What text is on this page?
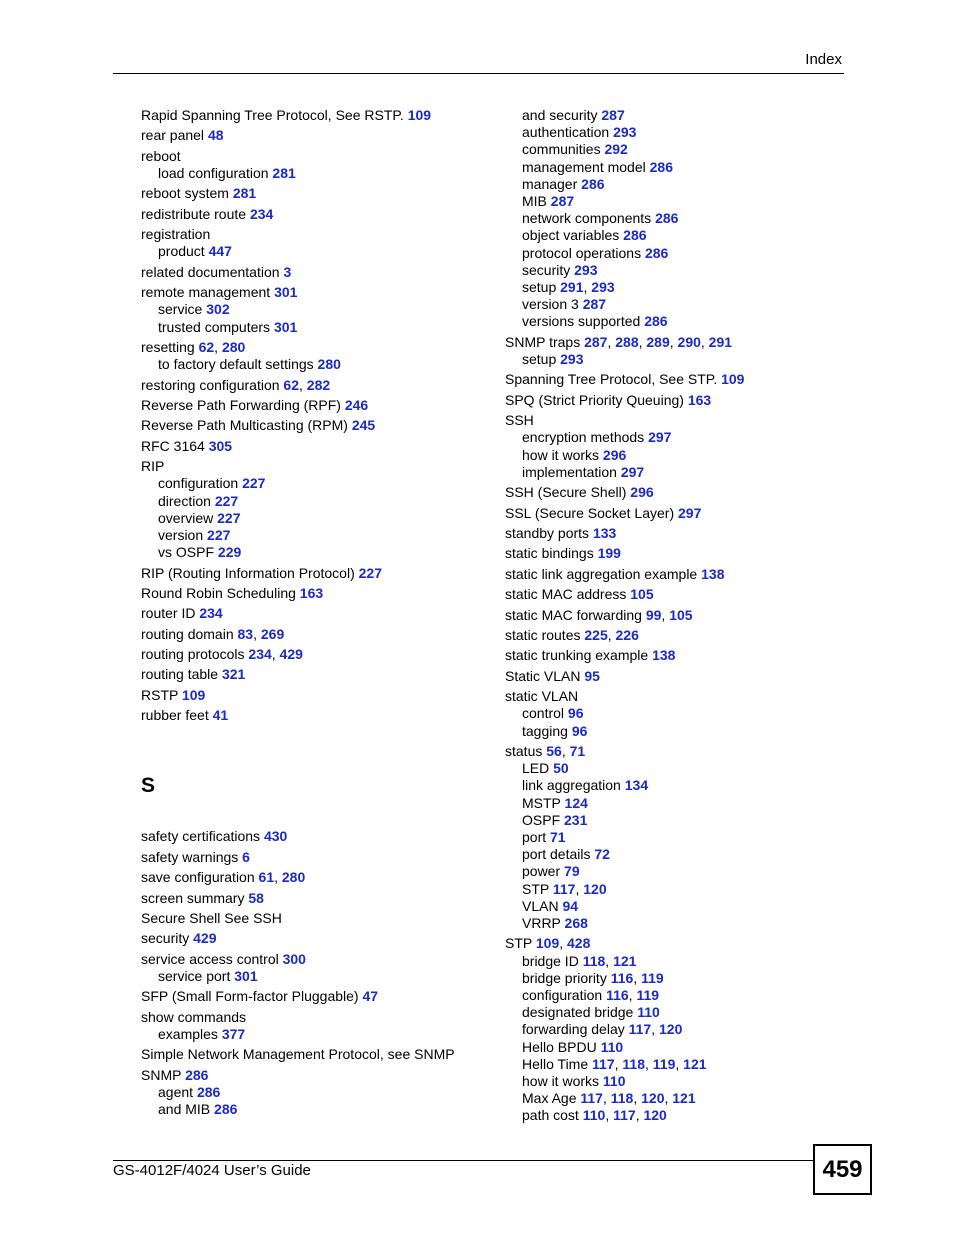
Index
Rapid Spanning Tree Protocol, See RSTP. 109
rear panel 48
reboot
load configuration 281
reboot system 281
redistribute route 234
registration
product 447
related documentation 3
remote management 301
service 302
trusted computers 301
resetting 62, 280
to factory default settings 280
restoring configuration 62, 282
Reverse Path Forwarding (RPF) 246
Reverse Path Multicasting (RPM) 245
RFC 3164 305
RIP
configuration 227
direction 227
overview 227
version 227
vs OSPF 229
RIP (Routing Information Protocol) 227
Round Robin Scheduling 163
router ID 234
routing domain 83, 269
routing protocols 234, 429
routing table 321
RSTP 109
rubber feet 41
S
safety certifications 430
safety warnings 6
save configuration 61, 280
screen summary 58
Secure Shell See SSH
security 429
service access control 300
service port 301
SFP (Small Form-factor Pluggable) 47
show commands
examples 377
Simple Network Management Protocol, see SNMP
SNMP 286
agent 286
and MIB 286
and security 287
authentication 293
communities 292
management model 286
manager 286
MIB 287
network components 286
object variables 286
protocol operations 286
security 293
setup 291, 293
version 3 287
versions supported 286
SNMP traps 287, 288, 289, 290, 291
setup 293
Spanning Tree Protocol, See STP. 109
SPQ (Strict Priority Queuing) 163
SSH
encryption methods 297
how it works 296
implementation 297
SSH (Secure Shell) 296
SSL (Secure Socket Layer) 297
standby ports 133
static bindings 199
static link aggregation example 138
static MAC address 105
static MAC forwarding 99, 105
static routes 225, 226
static trunking example 138
Static VLAN 95
static VLAN
control 96
tagging 96
status 56, 71
LED 50
link aggregation 134
MSTP 124
OSPF 231
port 71
port details 72
power 79
STP 117, 120
VLAN 94
VRRP 268
STP 109, 428
bridge ID 118, 121
bridge priority 116, 119
configuration 116, 119
designated bridge 110
forwarding delay 117, 120
Hello BPDU 110
Hello Time 117, 118, 119, 121
how it works 110
Max Age 117, 118, 120, 121
path cost 110, 117, 120
GS-4012F/4024 User’s Guide	459
